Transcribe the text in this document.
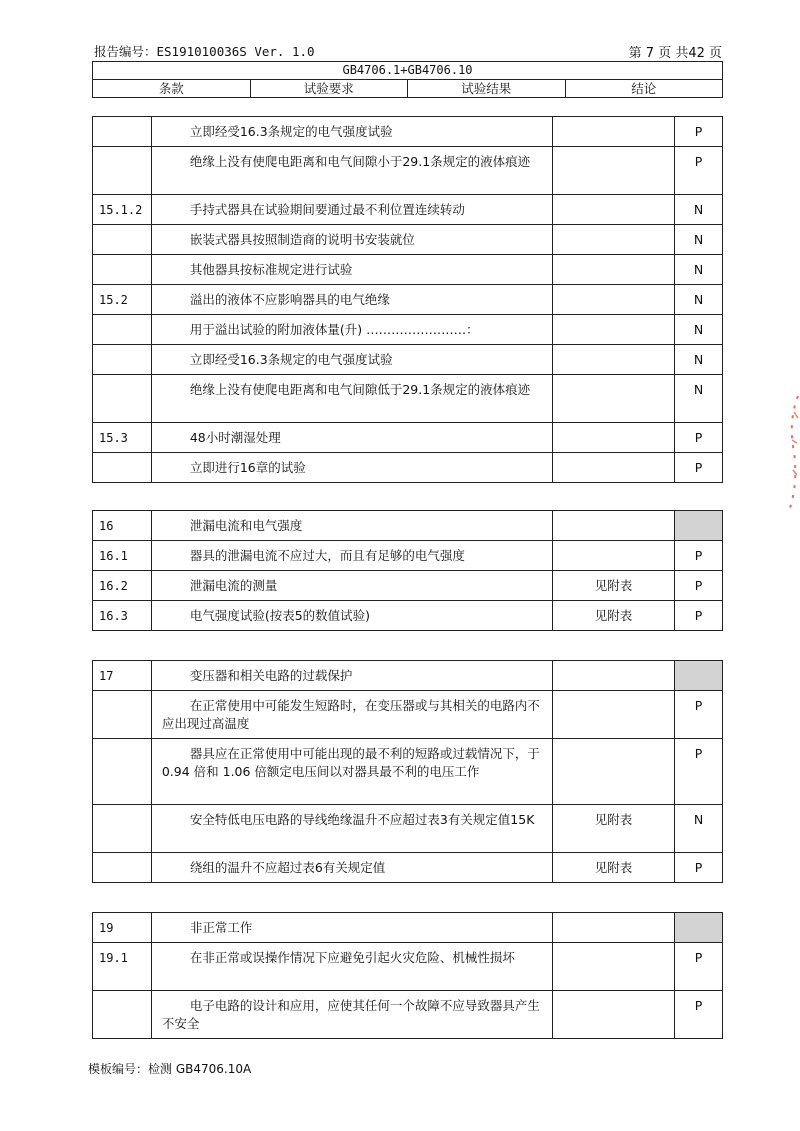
报告编号：ES191010036S Ver. 1.0	第 7 页 共42 页
GB4706.1+GB4706.10
条款	试验要求	试验结果	结论
	立即经受16.3条规定的电气强度试验		P
	绝缘上没有使爬电距离和电气间隙小于29.1条规定的液体痕迹		P
15.1.2	手持式器具在试验期间要通过最不利位置连续转动		N
	嵌装式器具按照制造商的说明书安装就位		N
	其他器具按标准规定进行试验		N
15.2	溢出的液体不应影响器具的电气绝缘		N
	用于溢出试验的附加液体量(升) ……………………：		N
	立即经受16.3条规定的电气强度试验		N
	绝缘上没有使爬电距离和电气间隙低于29.1条规定的液体痕迹		N
15.3	48小时潮湿处理		P
	立即进行16章的试验		P
16	泄漏电流和电气强度		
16.1	器具的泄漏电流不应过大，而且有足够的电气强度		P
16.2	泄漏电流的测量	见附表	P
16.3	电气强度试验(按表5的数值试验)	见附表	P
17	变压器和相关电路的过载保护		
	在正常使用中可能发生短路时，在变压器或与其相关的电路内不应出现过高温度		P
	器具应在正常使用中可能出现的最不利的短路或过载情况下，于 0.94 倍和 1.06 倍额定电压间以对器具最不利的电压工作		P
	安全特低电压电路的导线绝缘温升不应超过表3有关规定值15K	见附表	N
	绕组的温升不应超过表6有关规定值	见附表	P
19	非正常工作		
19.1	在非正常或误操作情况下应避免引起火灾危险、机械性损坏		P
	电子电路的设计和应用，应使其任何一个故障不应导致器具产生不安全		P
模板编号：检测 GB4706.10A
